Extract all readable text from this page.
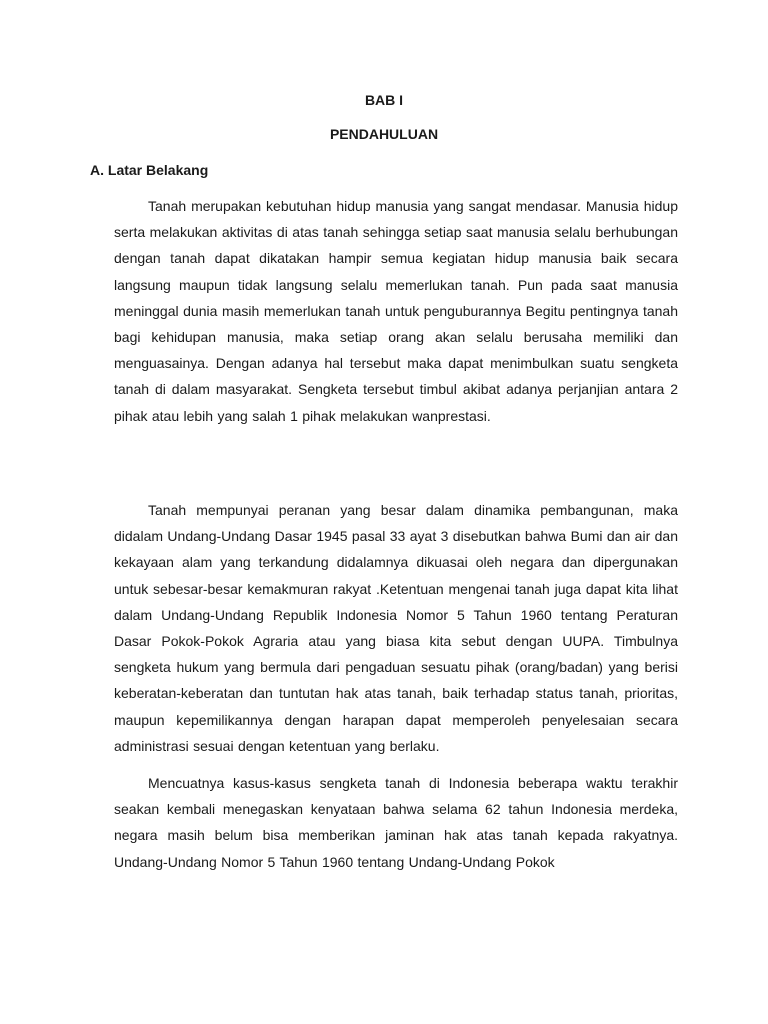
BAB I
PENDAHULUAN
A. Latar Belakang

Tanah merupakan kebutuhan hidup manusia yang sangat mendasar. Manusia hidup serta melakukan aktivitas di atas tanah sehingga setiap saat manusia selalu berhubungan dengan tanah dapat dikatakan hampir semua kegiatan hidup manusia baik secara langsung maupun tidak langsung selalu memerlukan tanah. Pun pada saat manusia meninggal dunia masih memerlukan tanah untuk penguburannya Begitu pentingnya tanah bagi kehidupan manusia, maka setiap orang akan selalu berusaha memiliki dan menguasainya. Dengan adanya hal tersebut maka dapat menimbulkan suatu sengketa tanah di dalam masyarakat. Sengketa tersebut timbul akibat adanya perjanjian antara 2 pihak atau lebih yang salah 1 pihak melakukan wanprestasi.

Tanah mempunyai peranan yang besar dalam dinamika pembangunan, maka didalam Undang-Undang Dasar 1945 pasal 33 ayat 3 disebutkan bahwa Bumi dan air dan kekayaan alam yang terkandung didalamnya dikuasai oleh negara dan dipergunakan untuk sebesar-besar kemakmuran rakyat .Ketentuan mengenai tanah juga dapat kita lihat dalam Undang-Undang Republik Indonesia Nomor 5 Tahun 1960 tentang Peraturan Dasar Pokok-Pokok Agraria atau yang biasa kita sebut dengan UUPA. Timbulnya sengketa hukum yang bermula dari pengaduan sesuatu pihak (orang/badan) yang berisi keberatan-keberatan dan tuntutan hak atas tanah, baik terhadap status tanah, prioritas, maupun kepemilikannya dengan harapan dapat memperoleh penyelesaian secara administrasi sesuai dengan ketentuan yang berlaku.

Mencuatnya kasus-kasus sengketa tanah di Indonesia beberapa waktu terakhir seakan kembali menegaskan kenyataan bahwa selama 62 tahun Indonesia merdeka, negara masih belum bisa memberikan jaminan hak atas tanah kepada rakyatnya. Undang-Undang Nomor 5 Tahun 1960 tentang Undang-Undang Pokok
